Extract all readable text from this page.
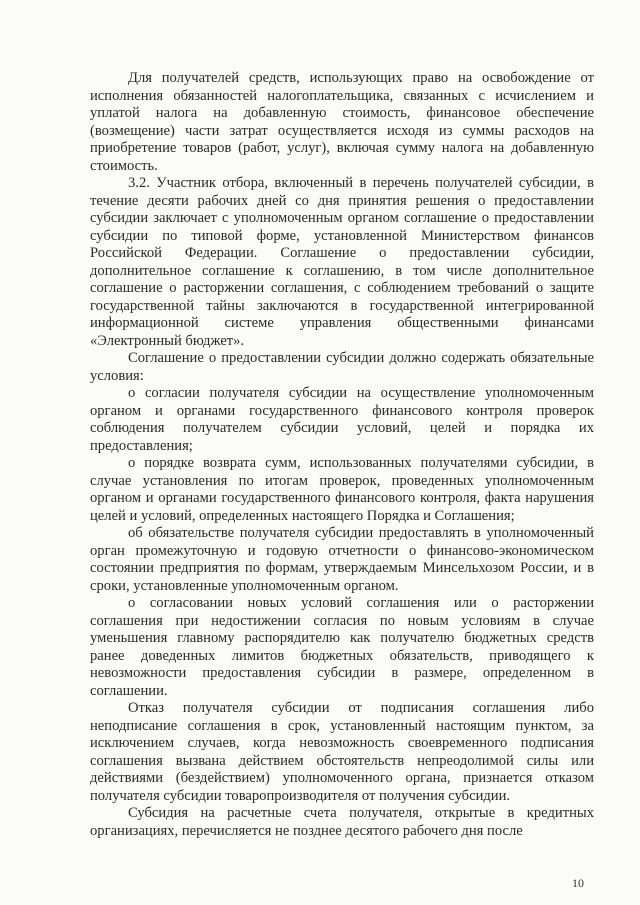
Для получателей средств, использующих право на освобождение от исполнения обязанностей налогоплательщика, связанных с исчислением и уплатой налога на добавленную стоимость, финансовое обеспечение (возмещение) части затрат осуществляется исходя из суммы расходов на приобретение товаров (работ, услуг), включая сумму налога на добавленную стоимость.

3.2. Участник отбора, включенный в перечень получателей субсидии, в течение десяти рабочих дней со дня принятия решения о предоставлении субсидии заключает с уполномоченным органом соглашение о предоставлении субсидии по типовой форме, установленной Министерством финансов Российской Федерации. Соглашение о предоставлении субсидии, дополнительное соглашение к соглашению, в том числе дополнительное соглашение о расторжении соглашения, с соблюдением требований о защите государственной тайны заключаются в государственной интегрированной информационной системе управления общественными финансами «Электронный бюджет».

Соглашение о предоставлении субсидии должно содержать обязательные условия:

о согласии получателя субсидии на осуществление уполномоченным органом и органами государственного финансового контроля проверок соблюдения получателем субсидии условий, целей и порядка их предоставления;

о порядке возврата сумм, использованных получателями субсидии, в случае установления по итогам проверок, проведенных уполномоченным органом и органами государственного финансового контроля, факта нарушения целей и условий, определенных настоящего Порядка и Соглашения;

об обязательстве получателя субсидии предоставлять в уполномоченный орган промежуточную и годовую отчетности о финансово-экономическом состоянии предприятия по формам, утверждаемым Минсельхозом России, и в сроки, установленные уполномоченным органом.

о согласовании новых условий соглашения или о расторжении соглашения при недостижении согласия по новым условиям в случае уменьшения главному распорядителю как получателю бюджетных средств ранее доведенных лимитов бюджетных обязательств, приводящего к невозможности предоставления субсидии в размере, определенном в соглашении.

Отказ получателя субсидии от подписания соглашения либо неподписание соглашения в срок, установленный настоящим пунктом, за исключением случаев, когда невозможность своевременного подписания соглашения вызвана действием обстоятельств непреодолимой силы или действиями (бездействием) уполномоченного органа, признается отказом получателя субсидии товаропроизводителя от получения субсидии.

Субсидия на расчетные счета получателя, открытые в кредитных организациях, перечисляется не позднее десятого рабочего дня после

10
